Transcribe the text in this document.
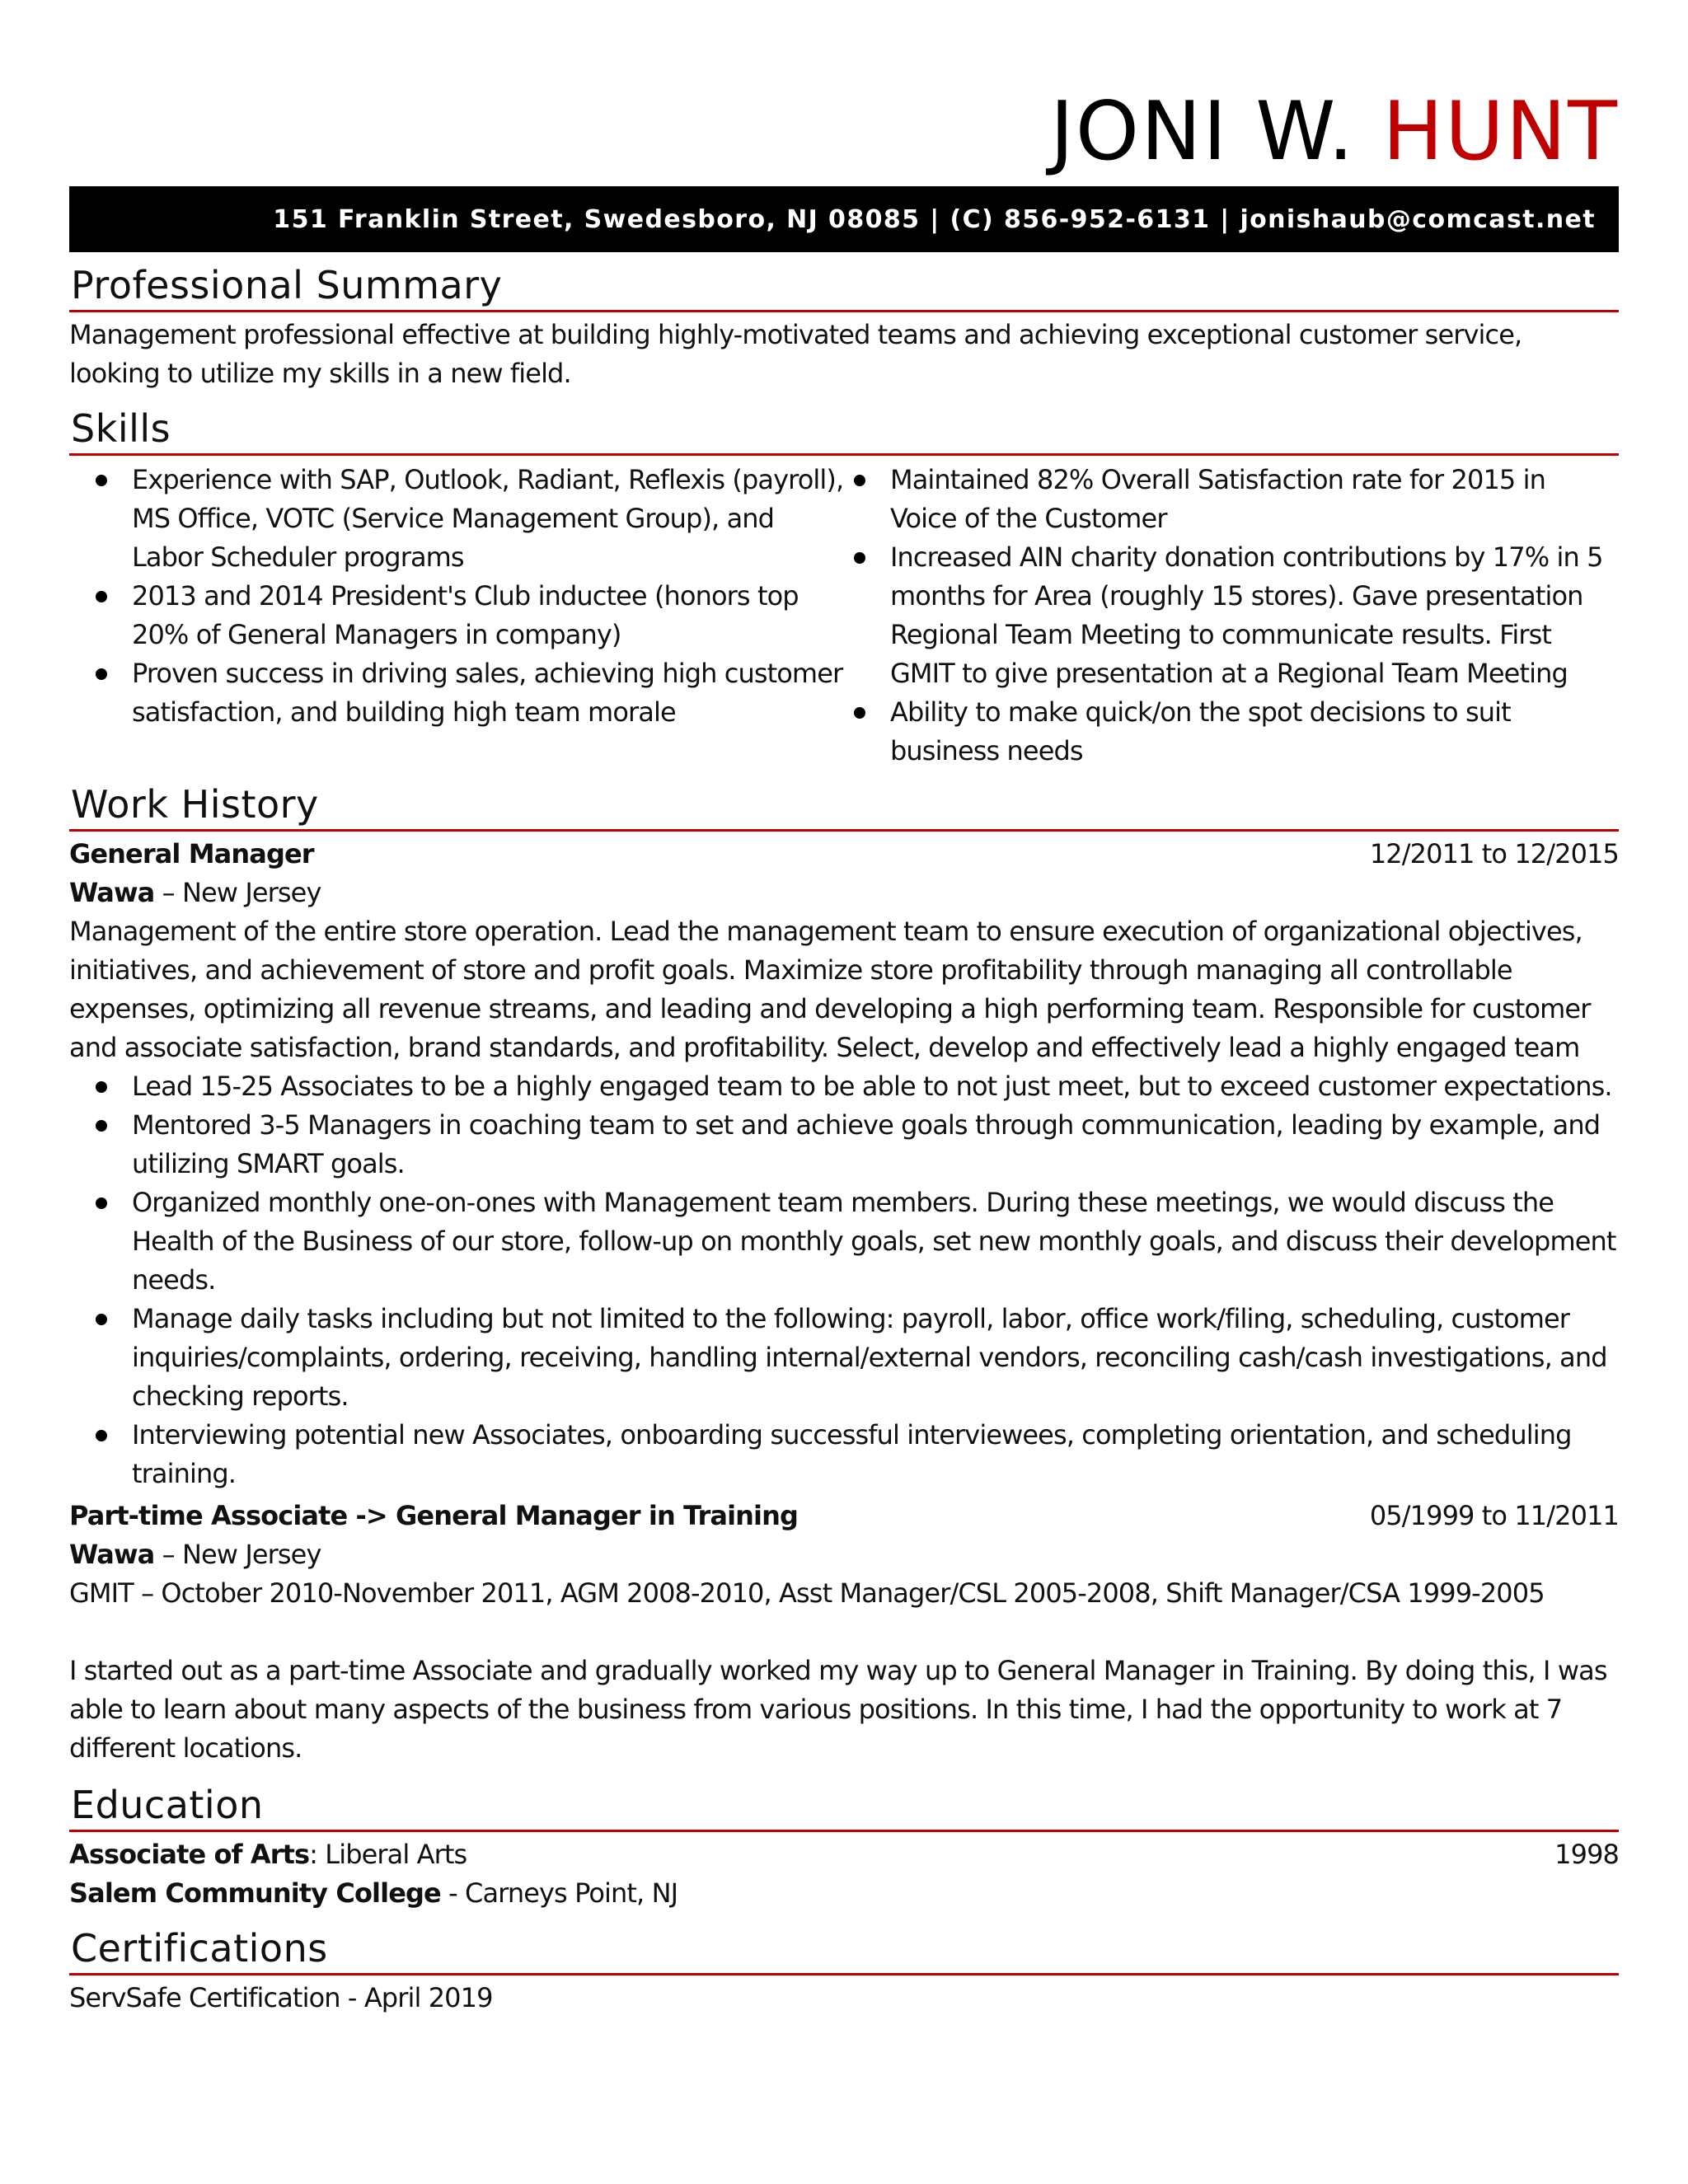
JONI W. HUNT
151 Franklin Street, Swedesboro, NJ 08085 | (C) 856-952-6131 | jonishaub@comcast.net
Professional Summary

Management professional effective at building highly-motivated teams and achieving exceptional customer service, looking to utilize my skills in a new field.

Skills
Experience with SAP, Outlook, Radiant, Reflexis (payroll), MS Office, VOTC (Service Management Group), and Labor Scheduler programs
2013 and 2014 President's Club inductee (honors top 20% of General Managers in company)
Proven success in driving sales, achieving high customer satisfaction, and building high team morale
Maintained 82% Overall Satisfaction rate for 2015 in Voice of the Customer
Increased AIN charity donation contributions by 17% in 5 months for Area (roughly 15 stores). Gave presentation Regional Team Meeting to communicate results. First GMIT to give presentation at a Regional Team Meeting
Ability to make quick/on the spot decisions to suit business needs
Work History
General Manager	12/2011 to 12/2015
Wawa – New Jersey
Management of the entire store operation. Lead the management team to ensure execution of organizational objectives, initiatives, and achievement of store and profit goals. Maximize store profitability through managing all controllable expenses, optimizing all revenue streams, and leading and developing a high performing team. Responsible for customer and associate satisfaction, brand standards, and profitability. Select, develop and effectively lead a highly engaged team
Lead 15-25 Associates to be a highly engaged team to be able to not just meet, but to exceed customer expectations.
Mentored 3-5 Managers in coaching team to set and achieve goals through communication, leading by example, and utilizing SMART goals.
Organized monthly one-on-ones with Management team members. During these meetings, we would discuss the Health of the Business of our store, follow-up on monthly goals, set new monthly goals, and discuss their development needs.
Manage daily tasks including but not limited to the following: payroll, labor, office work/filing, scheduling, customer inquiries/complaints, ordering, receiving, handling internal/external vendors, reconciling cash/cash investigations, and checking reports.
Interviewing potential new Associates, onboarding successful interviewees, completing orientation, and scheduling training.
Part-time Associate -> General Manager in Training	05/1999 to 11/2011
Wawa – New Jersey
GMIT – October 2010-November 2011, AGM 2008-2010, Asst Manager/CSL 2005-2008, Shift Manager/CSA 1999-2005
I started out as a part-time Associate and gradually worked my way up to General Manager in Training. By doing this, I was able to learn about many aspects of the business from various positions. In this time, I had the opportunity to work at 7 different locations.
Education
Associate of Arts: Liberal Arts	1998
Salem Community College - Carneys Point, NJ
Certifications
ServSafe Certification - April 2019
